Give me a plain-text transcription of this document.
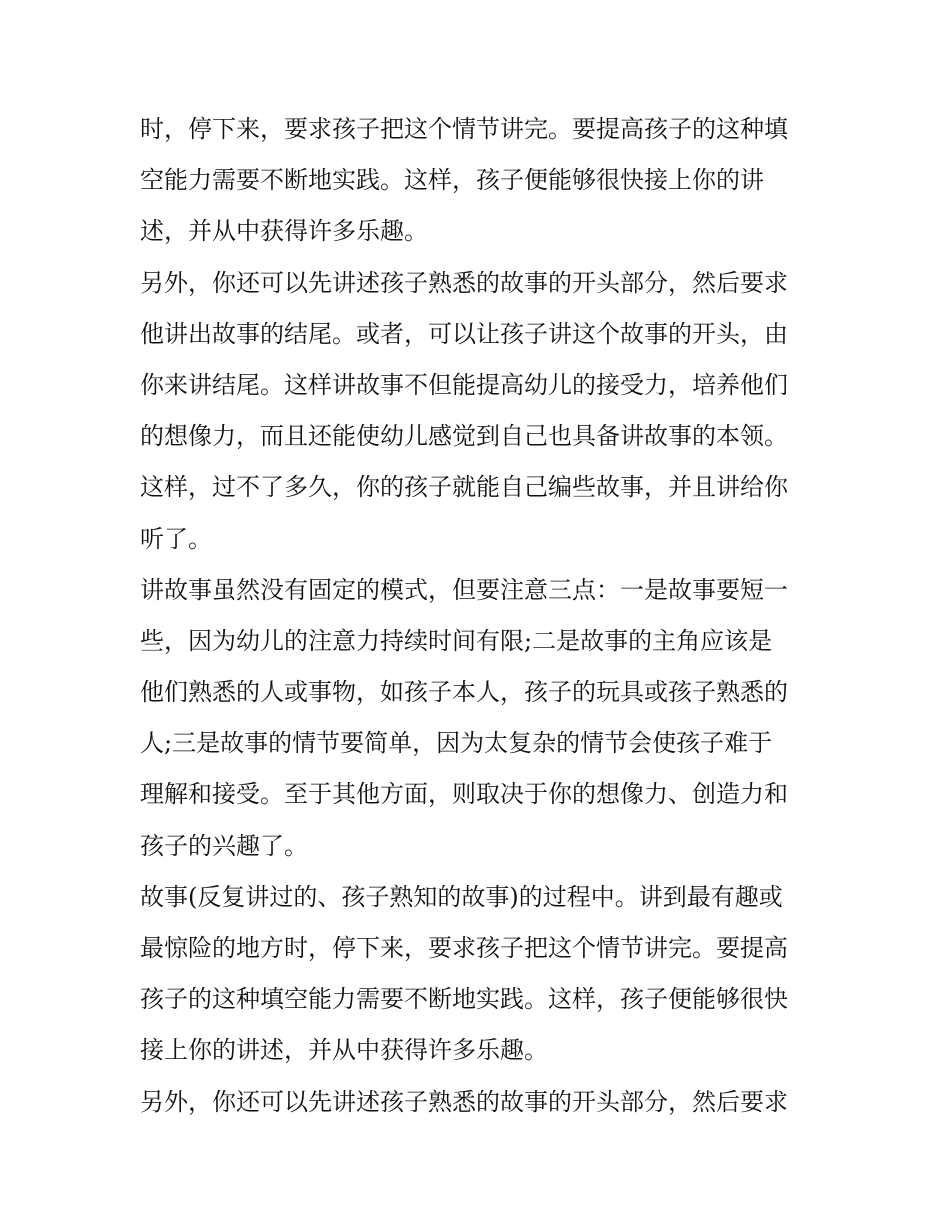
时，停下来，要求孩子把这个情节讲完。要提高孩子的这种填
空能力需要不断地实践。这样，孩子便能够很快接上你的讲
述，并从中获得许多乐趣。
另外，你还可以先讲述孩子熟悉的故事的开头部分，然后要求
他讲出故事的结尾。或者，可以让孩子讲这个故事的开头，由
你来讲结尾。这样讲故事不但能提高幼儿的接受力，培养他们
的想像力，而且还能使幼儿感觉到自己也具备讲故事的本领。
这样，过不了多久，你的孩子就能自己编些故事，并且讲给你
听了。
讲故事虽然没有固定的模式，但要注意三点：一是故事要短一
些，因为幼儿的注意力持续时间有限;二是故事的主角应该是
他们熟悉的人或事物，如孩子本人，孩子的玩具或孩子熟悉的
人;三是故事的情节要简单，因为太复杂的情节会使孩子难于
理解和接受。至于其他方面，则取决于你的想像力、创造力和
孩子的兴趣了。
故事(反复讲过的、孩子熟知的故事)的过程中。讲到最有趣或
最惊险的地方时，停下来，要求孩子把这个情节讲完。要提高
孩子的这种填空能力需要不断地实践。这样，孩子便能够很快
接上你的讲述，并从中获得许多乐趣。
另外，你还可以先讲述孩子熟悉的故事的开头部分，然后要求
